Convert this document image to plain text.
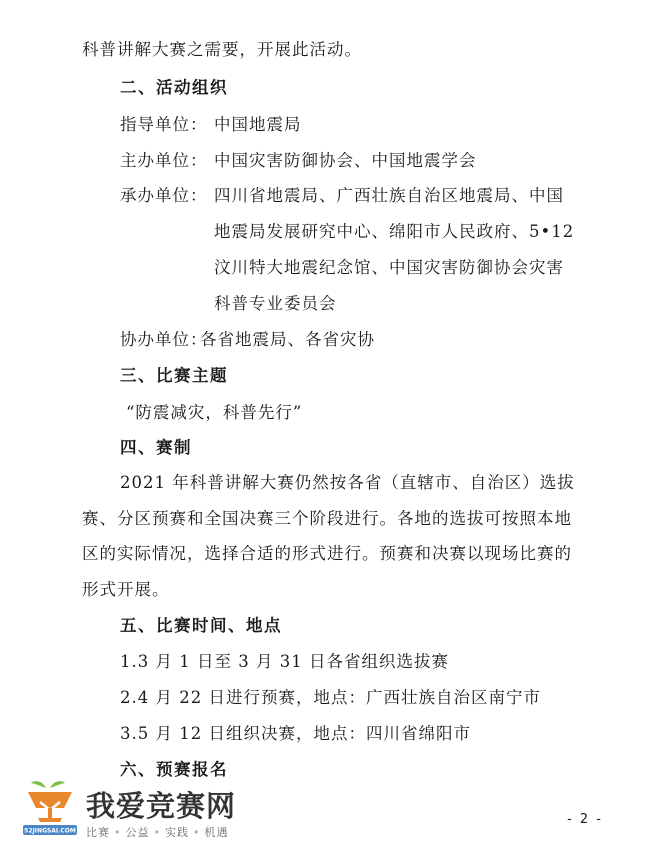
科普讲解大赛之需要，开展此活动。
二、活动组织
指导单位： 中国地震局
主办单位： 中国灾害防御协会、中国地震学会
承办单位： 四川省地震局、广西壮族自治区地震局、中国
地震局发展研究中心、绵阳市人民政府、5•12
汶川特大地震纪念馆、中国灾害防御协会灾害
科普专业委员会
协办单位：各省地震局、各省灾协
三、比赛主题
“防震减灾，科普先行”
四、赛制
2021 年科普讲解大赛仍然按各省（直辖市、自治区）选拔
赛、分区预赛和全国决赛三个阶段进行。各地的选拔可按照本地
区的实际情况，选择合适的形式进行。预赛和决赛以现场比赛的
形式开展。
五、比赛时间、地点
1.3 月 1 日至 3 月 31 日各省组织选拔赛
2.4 月 22 日进行预赛，地点：广西壮族自治区南宁市
3.5 月 12 日组织决赛，地点：四川省绵阳市
六、预赛报名
52JINGSAI.COM
我爱竞赛网
比赛 • 公益 • 实践 • 机遇
- 2 -
